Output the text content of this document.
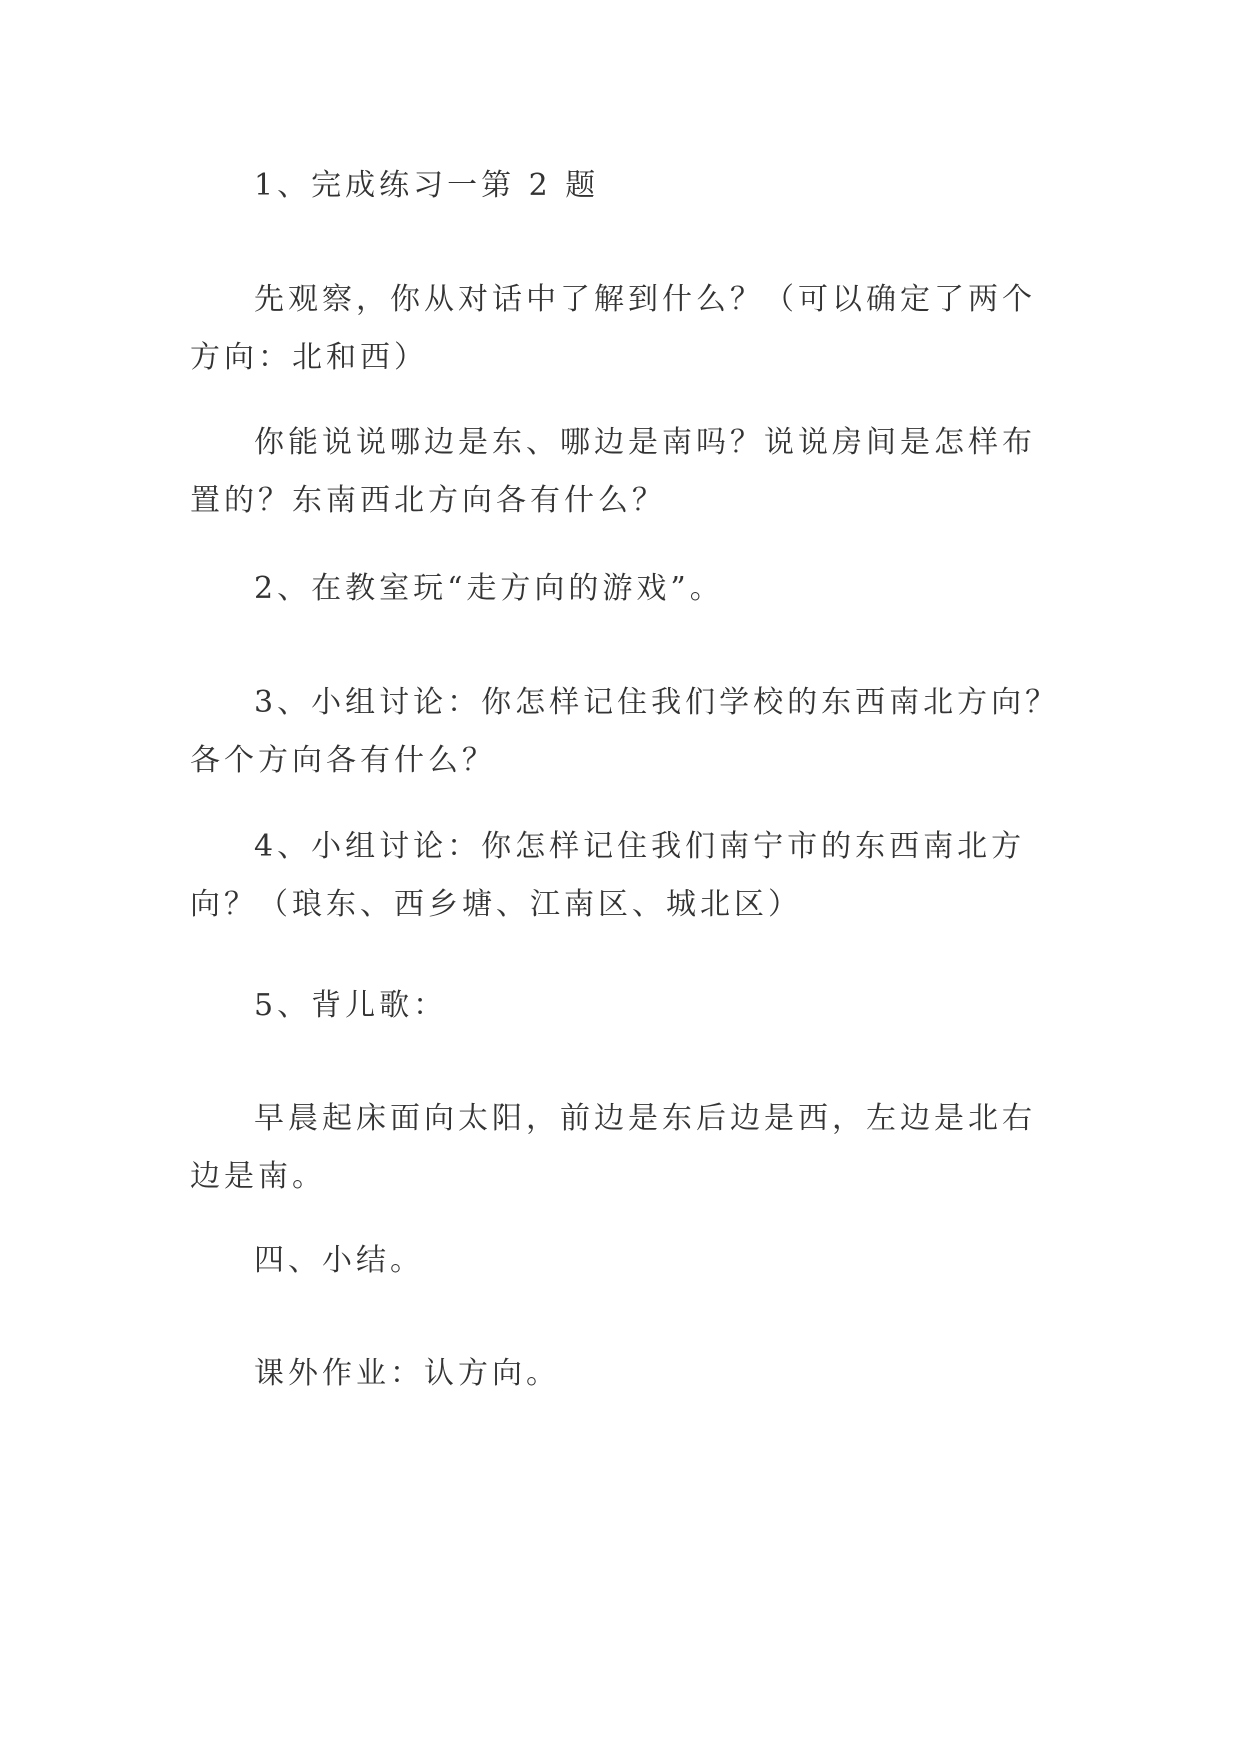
1、完成练习一第 2 题

先观察，你从对话中了解到什么？（可以确定了两个方向：北和西）

你能说说哪边是东、哪边是南吗？说说房间是怎样布置的？东南西北方向各有什么？

2、在教室玩“走方向的游戏”。

3、小组讨论：你怎样记住我们学校的东西南北方向？各个方向各有什么？

4、小组讨论：你怎样记住我们南宁市的东西南北方向？（琅东、西乡塘、江南区、城北区）

5、背儿歌：

早晨起床面向太阳，前边是东后边是西，左边是北右边是南。

四、小结。

课外作业：认方向。
